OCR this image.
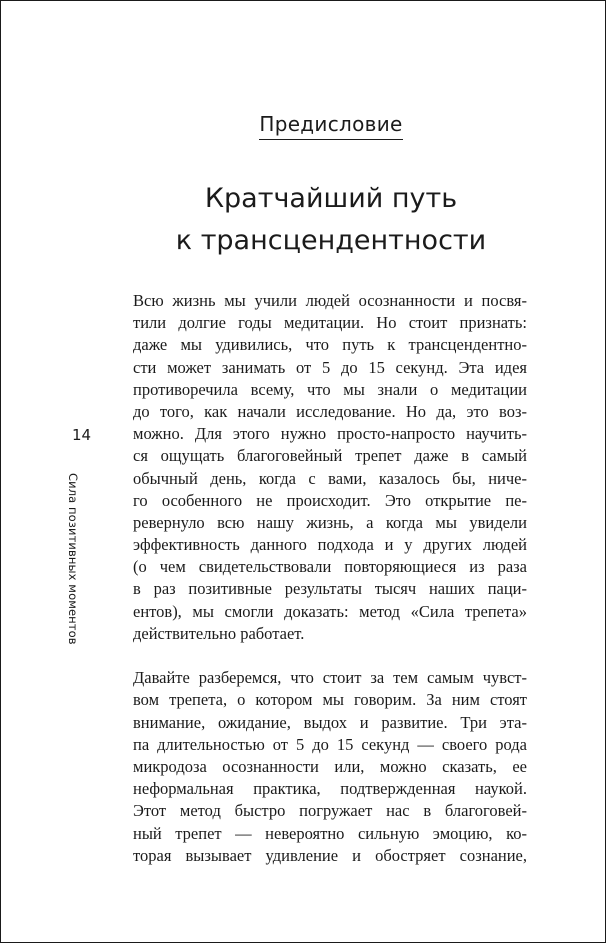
Предисловие
Кратчайший путь
к трансцендентности
14
Сила позитивных моментов
Всю жизнь мы учили людей осознанности и посвя-
тили долгие годы медитации. Но стоит признать:
даже мы удивились, что путь к трансцендентно-
сти может занимать от 5 до 15 секунд. Эта идея
противоречила всему, что мы знали о медитации
до того, как начали исследование. Но да, это воз-
можно. Для этого нужно просто-напросто научить-
ся ощущать благоговейный трепет даже в самый
обычный день, когда с вами, казалось бы, ниче-
го особенного не происходит. Это открытие пе-
ревернуло всю нашу жизнь, а когда мы увидели
эффективность данного подхода и у других людей
(о чем свидетельствовали повторяющиеся из раза
в раз позитивные результаты тысяч наших паци-
ентов), мы смогли доказать: метод «Сила трепета»
действительно работает.
Давайте разберемся, что стоит за тем самым чувст-
вом трепета, о котором мы говорим. За ним стоят
внимание, ожидание, выдох и развитие. Три эта-
па длительностью от 5 до 15 секунд — своего рода
микродоза осознанности или, можно сказать, ее
неформальная практика, подтвержденная наукой.
Этот метод быстро погружает нас в благоговей-
ный трепет — невероятно сильную эмоцию, ко-
торая вызывает удивление и обостряет сознание,
